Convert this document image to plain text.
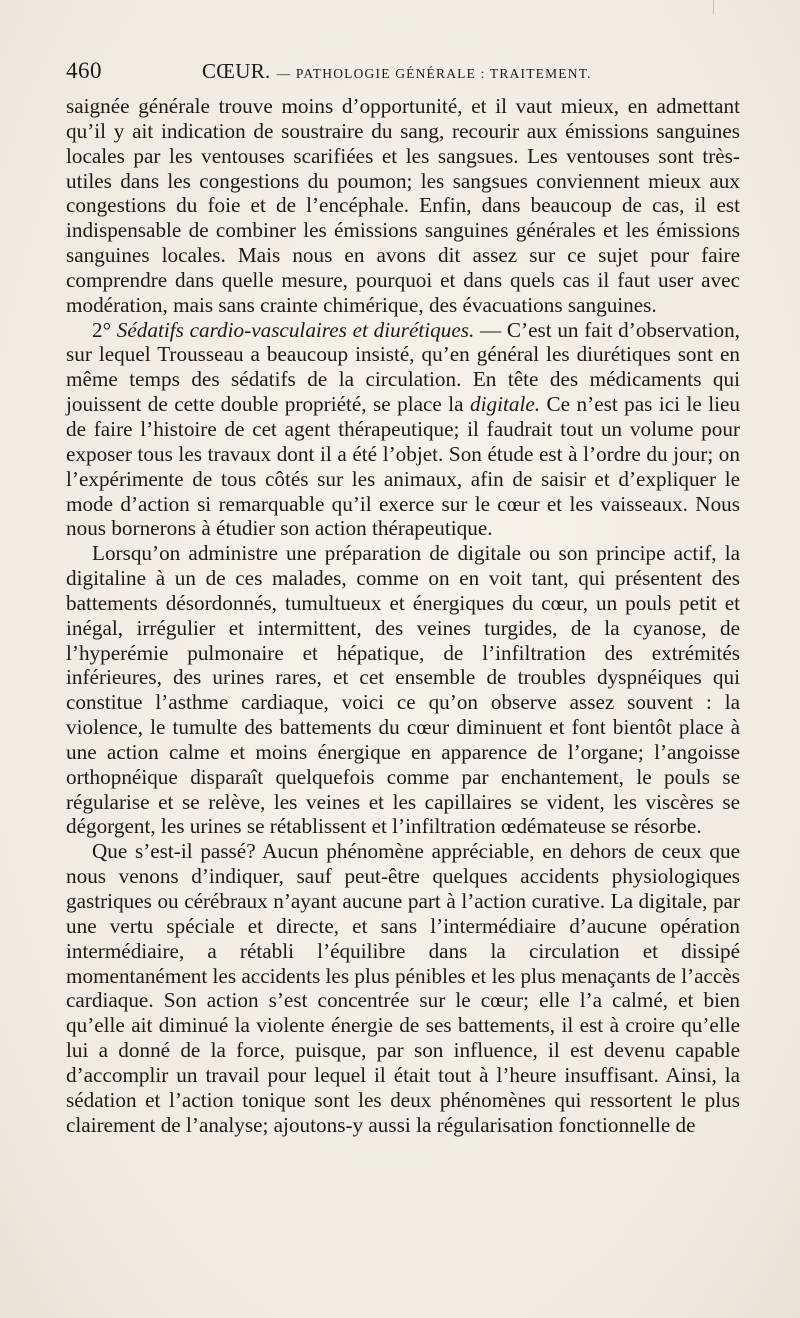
460	CŒUR. — PATHOLOGIE GÉNÉRALE : TRAITEMENT.

saignée générale trouve moins d’opportunité, et il vaut mieux, en admettant qu’il y ait indication de soustraire du sang, recourir aux émissions sanguines locales par les ventouses scarifiées et les sangsues. Les ventouses sont très-utiles dans les congestions du poumon; les sangsues conviennent mieux aux congestions du foie et de l’encéphale. Enfin, dans beaucoup de cas, il est indispensable de combiner les émissions sanguines générales et les émissions sanguines locales. Mais nous en avons dit assez sur ce sujet pour faire comprendre dans quelle mesure, pourquoi et dans quels cas il faut user avec modération, mais sans crainte chimérique, des évacuations sanguines.

2° Sédatifs cardio-vasculaires et diurétiques. — C’est un fait d’observation, sur lequel Trousseau a beaucoup insisté, qu’en général les diurétiques sont en même temps des sédatifs de la circulation. En tête des médicaments qui jouissent de cette double propriété, se place la digitale. Ce n’est pas ici le lieu de faire l’histoire de cet agent thérapeutique; il faudrait tout un volume pour exposer tous les travaux dont il a été l’objet. Son étude est à l’ordre du jour; on l’expérimente de tous côtés sur les animaux, afin de saisir et d’expliquer le mode d’action si remarquable qu’il exerce sur le cœur et les vaisseaux. Nous nous bornerons à étudier son action thérapeutique.

Lorsqu’on administre une préparation de digitale ou son principe actif, la digitaline à un de ces malades, comme on en voit tant, qui présentent des battements désordonnés, tumultueux et énergiques du cœur, un pouls petit et inégal, irrégulier et intermittent, des veines turgides, de la cyanose, de l’hyperémie pulmonaire et hépatique, de l’infiltration des extrémités inférieures, des urines rares, et cet ensemble de troubles dyspnéiques qui constitue l’asthme cardiaque, voici ce qu’on observe assez souvent : la violence, le tumulte des battements du cœur diminuent et font bientôt place à une action calme et moins énergique en apparence de l’organe; l’angoisse orthopnéique disparaît quelquefois comme par enchantement, le pouls se régularise et se relève, les veines et les capillaires se vident, les viscères se dégorgent, les urines se rétablissent et l’infiltration œdémateuse se résorbe.

Que s’est-il passé? Aucun phénomène appréciable, en dehors de ceux que nous venons d’indiquer, sauf peut-être quelques accidents physiologiques gastriques ou cérébraux n’ayant aucune part à l’action curative. La digitale, par une vertu spéciale et directe, et sans l’intermédiaire d’aucune opération intermédiaire, a rétabli l’équilibre dans la circulation et dissipé momentanément les accidents les plus pénibles et les plus menaçants de l’accès cardiaque. Son action s’est concentrée sur le cœur; elle l’a calmé, et bien qu’elle ait diminué la violente énergie de ses battements, il est à croire qu’elle lui a donné de la force, puisque, par son influence, il est devenu capable d’accomplir un travail pour lequel il était tout à l’heure insuffisant. Ainsi, la sédation et l’action tonique sont les deux phénomènes qui ressortent le plus clairement de l’analyse; ajoutons-y aussi la régularisation fonctionnelle de
